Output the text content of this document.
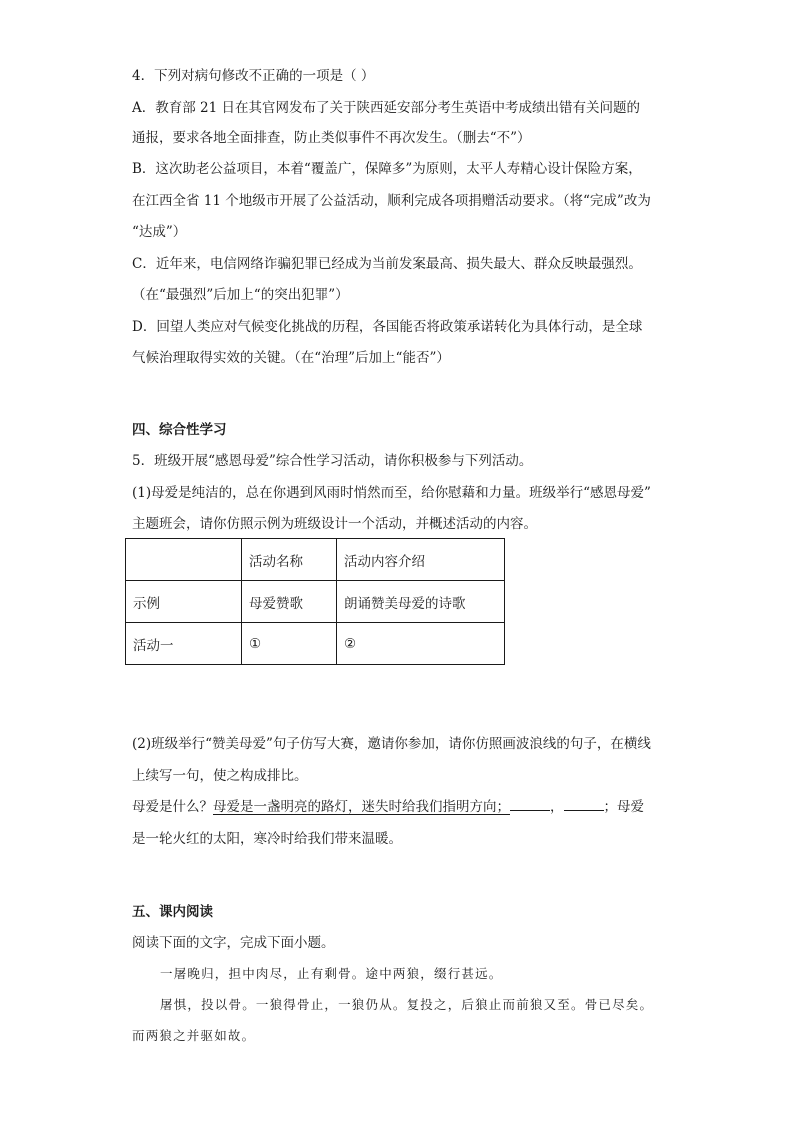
4．下列对病句修改不正确的一项是（ ）
A．教育部 21 日在其官网发布了关于陕西延安部分考生英语中考成绩出错有关问题的
通报，要求各地全面排查，防止类似事件不再次发生。（删去“不”）
B．这次助老公益项目，本着“覆盖广，保障多”为原则，太平人寿精心设计保险方案，
在江西全省 11 个地级市开展了公益活动，顺利完成各项捐赠活动要求。（将“完成”改为
“达成”）
C．近年来，电信网络诈骗犯罪已经成为当前发案最高、损失最大、群众反映最强烈。
（在“最强烈”后加上“的突出犯罪”）
D．回望人类应对气候变化挑战的历程，各国能否将政策承诺转化为具体行动，是全球
气候治理取得实效的关键。（在“治理”后加上“能否”）
四、综合性学习
5．班级开展“感恩母爱”综合性学习活动，请你积极参与下列活动。
(1)母爱是纯洁的，总在你遇到风雨时悄然而至，给你慰藉和力量。班级举行“感恩母爱”
主题班会，请你仿照示例为班级设计一个活动，并概述活动的内容。
	活动名称	活动内容介绍
示例	母爱赞歌	朗诵赞美母爱的诗歌
活动一	①	②
(2)班级举行“赞美母爱”句子仿写大赛，邀请你参加，请你仿照画波浪线的句子，在横线
上续写一句，使之构成排比。
母爱是什么？母爱是一盏明亮的路灯，迷失时给我们指明方向；	，	；母爱
是一轮火红的太阳，寒冷时给我们带来温暖。
五、课内阅读
阅读下面的文字，完成下面小题。
一屠晚归，担中肉尽，止有剩骨。途中两狼，缀行甚远。
屠惧，投以骨。一狼得骨止，一狼仍从。复投之，后狼止而前狼又至。骨已尽矣。
而两狼之并驱如故。
